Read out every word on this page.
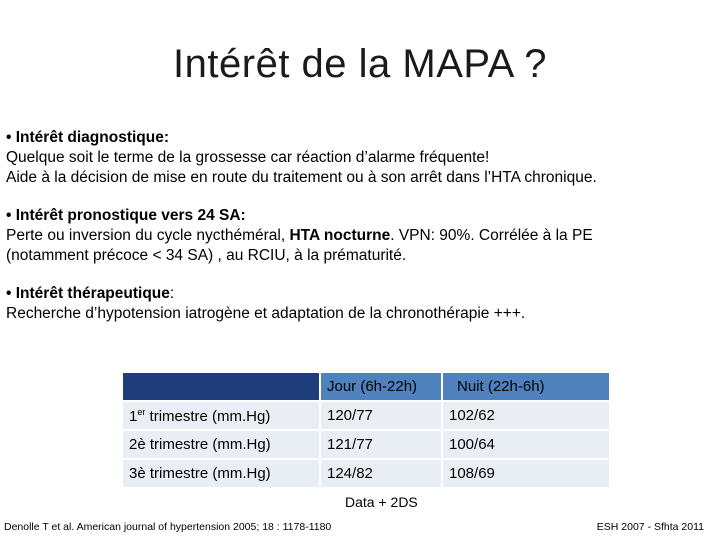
Intérêt de la MAPA ?

• Intérêt diagnostique:

Quelque soit le terme de la grossesse car réaction d’alarme fréquente!

Aide à la décision de mise en route du traitement ou à son arrêt dans l’HTA chronique.

• Intérêt pronostique vers 24 SA:

Perte ou inversion du cycle nycthéméral, HTA nocturne. VPN: 90%. Corrélée à la PE

(notamment précoce < 34 SA) , au RCIU, à la prématurité.

• Intérêt thérapeutique:

Recherche d’hypotension iatrogène et adaptation de la chronothérapie +++.

	Jour (6h-22h)	Nuit (22h-6h)
1er trimestre (mm.Hg)	120/77	102/62
2è trimestre (mm.Hg)	121/77	100/64
3è trimestre (mm.Hg)	124/82	108/69
Data + 2DS
Denolle T et al. American journal of hypertension 2005; 18 : 1178-1180	ESH 2007 - Sfhta 2011
